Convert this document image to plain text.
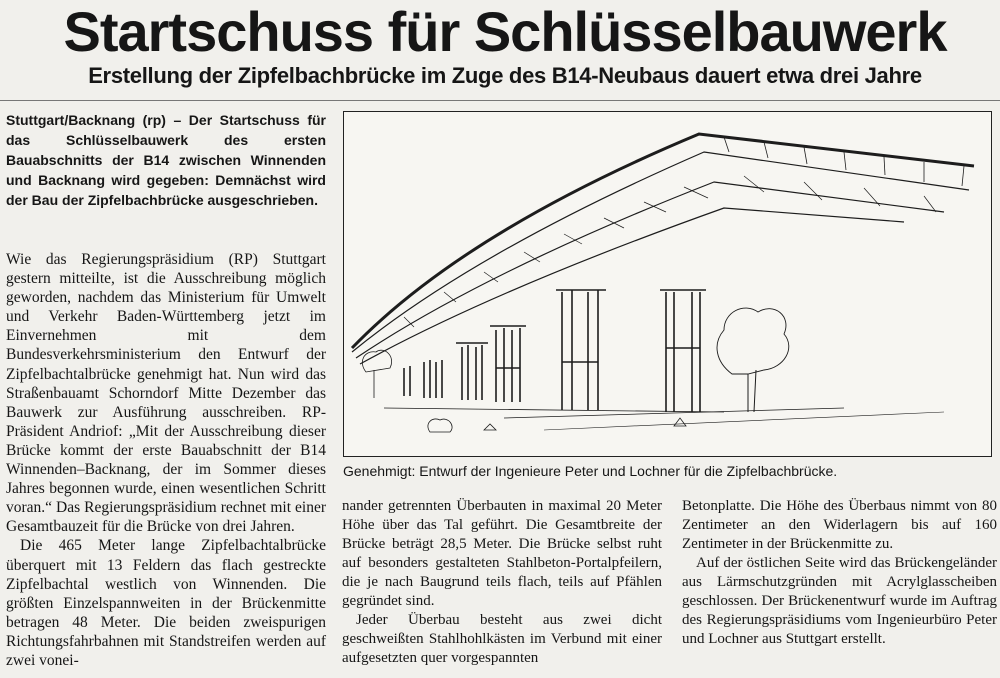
Startschuss für Schlüsselbauwerk
Erstellung der Zipfelbachbrücke im Zuge des B14-Neubaus dauert etwa drei Jahre
Stuttgart/Backnang (rp) – Der Startschuss für das Schlüsselbauwerk des ersten Bauabschnitts der B14 zwischen Winnenden und Backnang wird gegeben: Demnächst wird der Bau der Zipfelbachbrücke ausgeschrieben.

Wie das Regierungspräsidium (RP) Stuttgart gestern mitteilte, ist die Ausschreibung möglich geworden, nachdem das Ministerium für Umwelt und Verkehr Baden-Württemberg jetzt im Einvernehmen mit dem Bundesverkehrsministerium den Entwurf der Zipfelbachtalbrücke genehmigt hat. Nun wird das Straßenbauamt Schorndorf Mitte Dezember das Bauwerk zur Ausführung ausschreiben. RP-Präsident Andriof: „Mit der Ausschreibung dieser Brücke kommt der erste Bauabschnitt der B14 Winnenden–Backnang, der im Sommer dieses Jahres begonnen wurde, einen wesentlichen Schritt voran.“ Das Regierungspräsidium rechnet mit einer Gesamtbauzeit für die Brücke von drei Jahren.

Die 465 Meter lange Zipfelbachtalbrücke überquert mit 13 Feldern das flach gestreckte Zipfelbachtal westlich von Winnenden. Die größten Einzelspannweiten in der Brückenmitte betragen 48 Meter. Die beiden zweispurigen Richtungsfahrbahnen mit Standstreifen werden auf zwei vonei-

Genehmigt: Entwurf der Ingenieure Peter und Lochner für die Zipfelbachbrücke.

nander getrennten Überbauten in maximal 20 Meter Höhe über das Tal geführt. Die Gesamtbreite der Brücke beträgt 28,5 Meter. Die Brücke selbst ruht auf besonders gestalteten Stahlbeton-Portalpfeilern, die je nach Baugrund teils flach, teils auf Pfählen gegründet sind.

Jeder Überbau besteht aus zwei dicht geschweißten Stahlhohlkästen im Verbund mit einer aufgesetzten quer vorgespannten

Betonplatte. Die Höhe des Überbaus nimmt von 80 Zentimeter an den Widerlagern bis auf 160 Zentimeter in der Brückenmitte zu.

Auf der östlichen Seite wird das Brückengeländer aus Lärmschutzgründen mit Acrylglasscheiben geschlossen. Der Brückenentwurf wurde im Auftrag des Regierungspräsidiums vom Ingenieurbüro Peter und Lochner aus Stuttgart erstellt.
